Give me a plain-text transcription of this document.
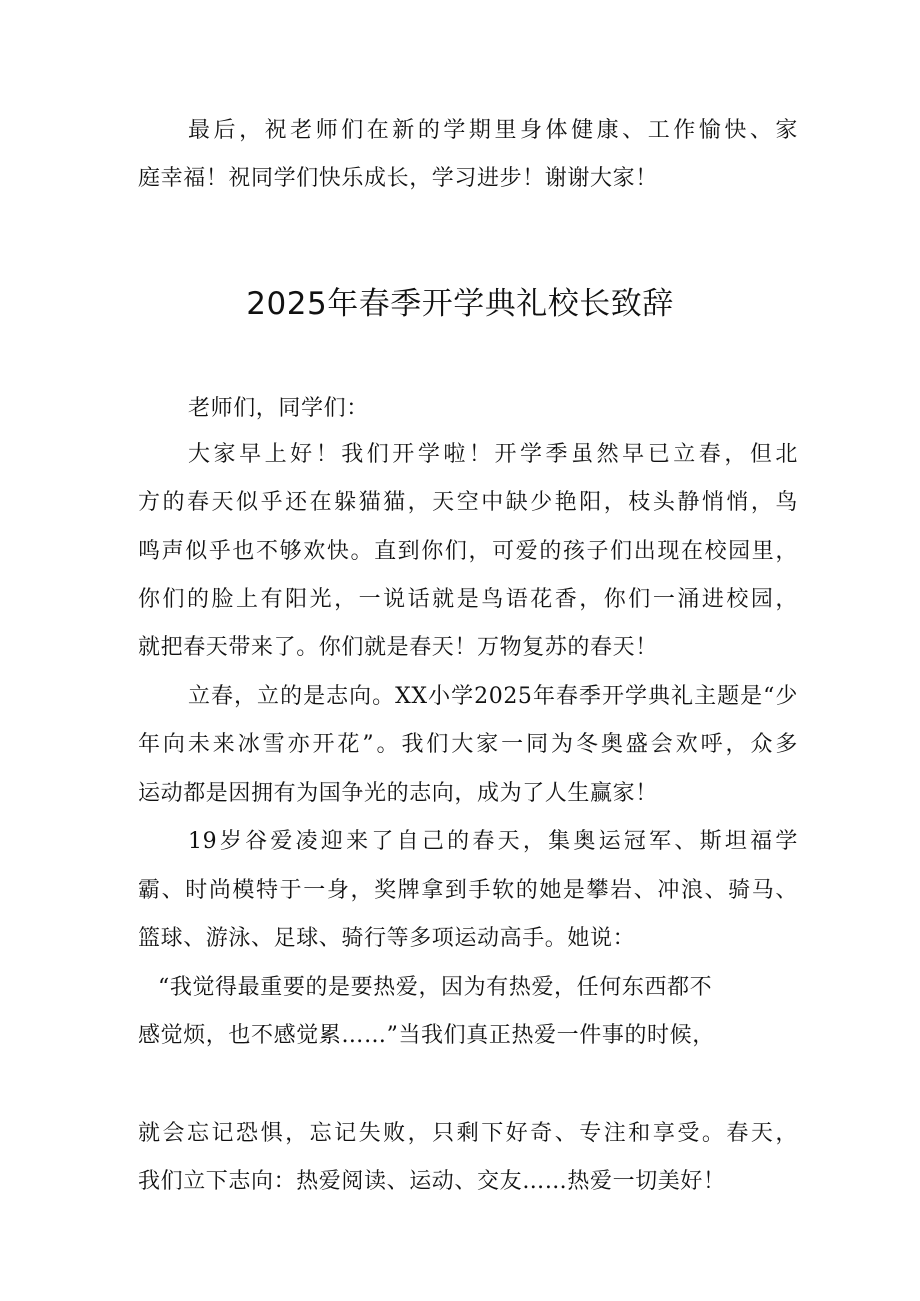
最后，祝老师们在新的学期里身体健康、工作愉快、家
庭幸福！祝同学们快乐成长，学习进步！谢谢大家！
2025年春季开学典礼校长致辞
老师们，同学们：
大家早上好！我们开学啦！开学季虽然早已立春，但北
方的春天似乎还在躲猫猫，天空中缺少艳阳，枝头静悄悄，鸟
鸣声似乎也不够欢快。直到你们，可爱的孩子们出现在校园里，
你们的脸上有阳光，一说话就是鸟语花香，你们一涌进校园，
就把春天带来了。你们就是春天！万物复苏的春天！
立春，立的是志向。XX小学2025年春季开学典礼主题是“少
年向未来冰雪亦开花”。我们大家一同为冬奥盛会欢呼，众多
运动都是因拥有为国争光的志向，成为了人生赢家！
19岁谷爱凌迎来了自己的春天，集奥运冠军、斯坦福学
霸、时尚模特于一身，奖牌拿到手软的她是攀岩、冲浪、骑马、
篮球、游泳、足球、骑行等多项运动高手。她说：
“我觉得最重要的是要热爱，因为有热爱，任何东西都不
感觉烦，也不感觉累……”当我们真正热爱一件事的时候，
就会忘记恐惧，忘记失败，只剩下好奇、专注和享受。春天，
我们立下志向：热爱阅读、运动、交友……热爱一切美好！
